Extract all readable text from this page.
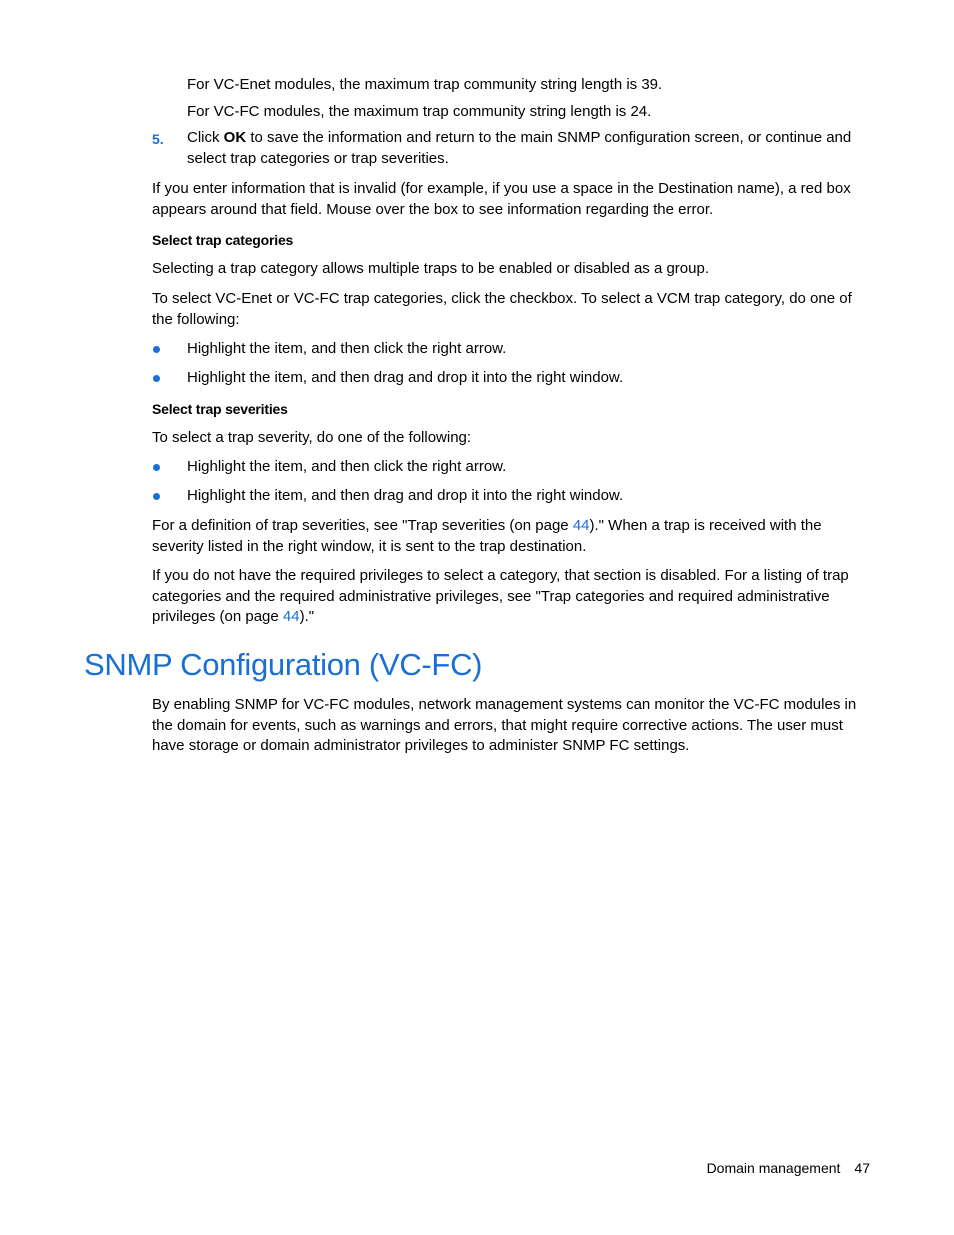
For VC-Enet modules, the maximum trap community string length is 39.

For VC-FC modules, the maximum trap community string length is 24.

5. Click OK to save the information and return to the main SNMP configuration screen, or continue and select trap categories or trap severities.

If you enter information that is invalid (for example, if you use a space in the Destination name), a red box appears around that field. Mouse over the box to see information regarding the error.

Select trap categories

Selecting a trap category allows multiple traps to be enabled or disabled as a group.

To select VC-Enet or VC-FC trap categories, click the checkbox. To select a VCM trap category, do one of the following:

Highlight the item, and then click the right arrow.

Highlight the item, and then drag and drop it into the right window.

Select trap severities

To select a trap severity, do one of the following:

Highlight the item, and then click the right arrow.

Highlight the item, and then drag and drop it into the right window.

For a definition of trap severities, see "Trap severities (on page 44)." When a trap is received with the severity listed in the right window, it is sent to the trap destination.

If you do not have the required privileges to select a category, that section is disabled. For a listing of trap categories and the required administrative privileges, see "Trap categories and required administrative privileges (on page 44)."

SNMP Configuration (VC-FC)

By enabling SNMP for VC-FC modules, network management systems can monitor the VC-FC modules in the domain for events, such as warnings and errors, that might require corrective actions. The user must have storage or domain administrator privileges to administer SNMP FC settings.

Domain management 47
